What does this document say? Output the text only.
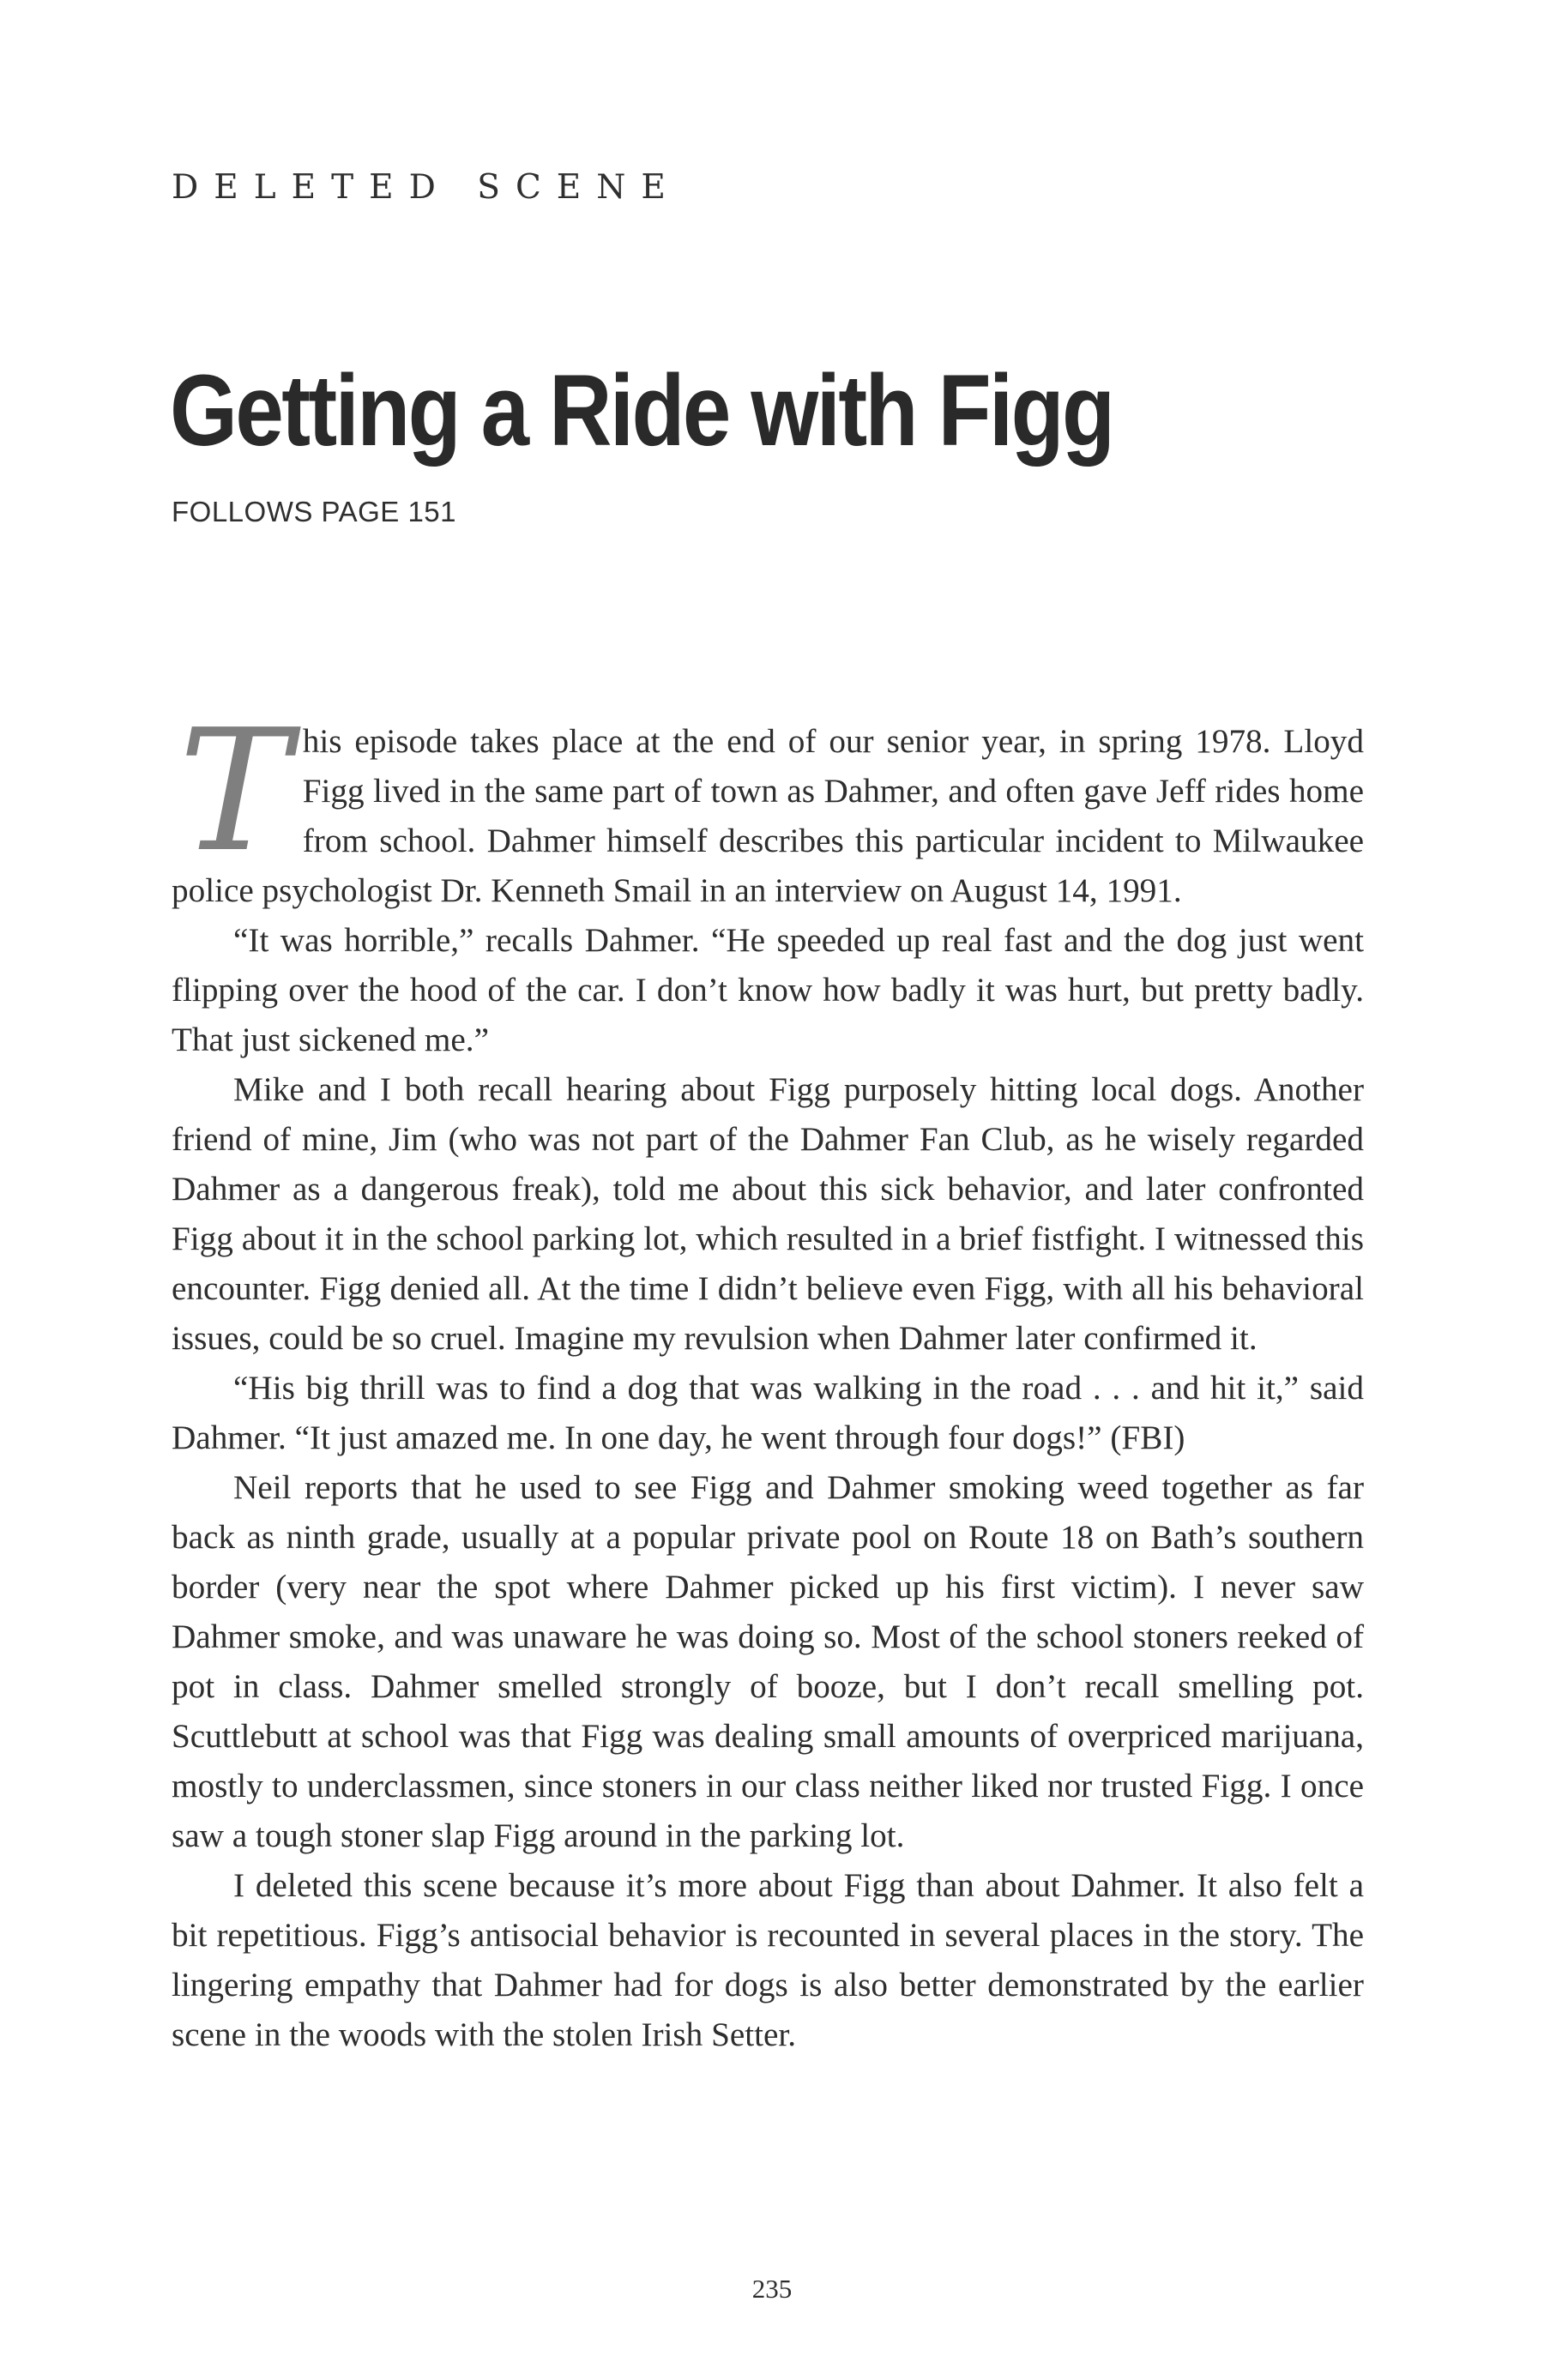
DELETED SCENE
Getting a Ride with Figg
FOLLOWS PAGE 151

This episode takes place at the end of our senior year, in spring 1978. Lloyd Figg lived in the same part of town as Dahmer, and often gave Jeff rides home from school. Dahmer himself describes this particular incident to Milwaukee police psychologist Dr. Kenneth Smail in an interview on August 14, 1991.

“It was horrible,” recalls Dahmer. “He speeded up real fast and the dog just went flipping over the hood of the car. I don’t know how badly it was hurt, but pretty badly. That just sickened me.”

Mike and I both recall hearing about Figg purposely hitting local dogs. Another friend of mine, Jim (who was not part of the Dahmer Fan Club, as he wisely regarded Dahmer as a dangerous freak), told me about this sick behavior, and later confronted Figg about it in the school parking lot, which resulted in a brief fistfight. I witnessed this encounter. Figg denied all. At the time I didn’t believe even Figg, with all his behavioral issues, could be so cruel. Imagine my revulsion when Dahmer later confirmed it.

“His big thrill was to find a dog that was walking in the road . . . and hit it,” said Dahmer. “It just amazed me. In one day, he went through four dogs!” (FBI)

Neil reports that he used to see Figg and Dahmer smoking weed together as far back as ninth grade, usually at a popular private pool on Route 18 on Bath’s southern border (very near the spot where Dahmer picked up his first victim). I never saw Dahmer smoke, and was unaware he was doing so. Most of the school stoners reeked of pot in class. Dahmer smelled strongly of booze, but I don’t recall smelling pot. Scuttlebutt at school was that Figg was dealing small amounts of overpriced marijuana, mostly to underclassmen, since stoners in our class neither liked nor trusted Figg. I once saw a tough stoner slap Figg around in the parking lot.

I deleted this scene because it’s more about Figg than about Dahmer. It also felt a bit repetitious. Figg’s antisocial behavior is recounted in several places in the story. The lingering empathy that Dahmer had for dogs is also better demonstrated by the earlier scene in the woods with the stolen Irish Setter.

235
